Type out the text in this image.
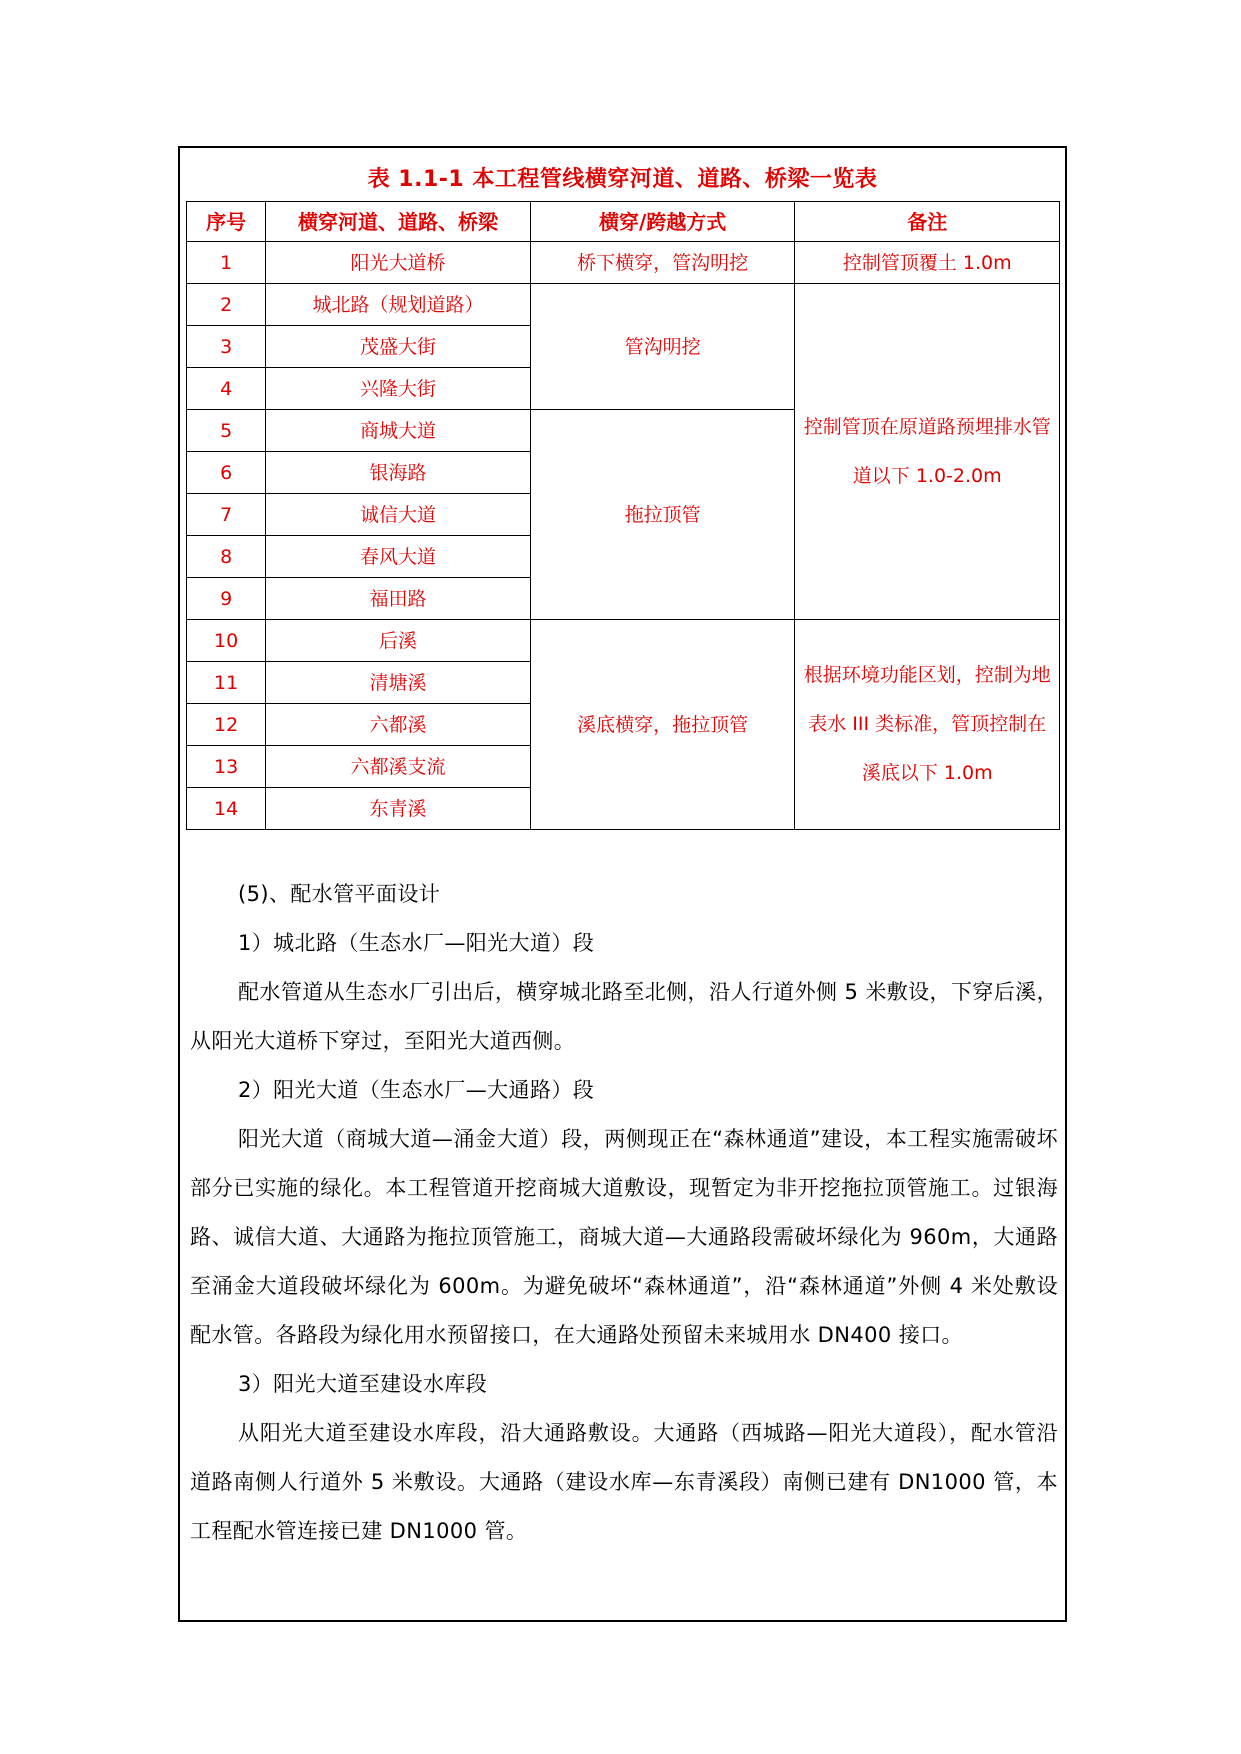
表 1.1-1 本工程管线横穿河道、道路、桥梁一览表
序号	横穿河道、道路、桥梁	横穿/跨越方式	备注
1	阳光大道桥	桥下横穿，管沟明挖	控制管顶覆土 1.0m
2	城北路（规划道路）	管沟明挖	控制管顶在原道路预埋排水管道以下 1.0-2.0m
3	茂盛大街		
4	兴隆大街		
5	商城大道	拖拉顶管	
6	银海路		
7	诚信大道		
8	春风大道		
9	福田路		
10	后溪	溪底横穿，拖拉顶管	根据环境功能区划，控制为地表水 III 类标准，管顶控制在溪底以下 1.0m
11	清塘溪		
12	六都溪		
13	六都溪支流		
14	东青溪		

(5)、配水管平面设计

1）城北路（生态水厂—阳光大道）段

配水管道从生态水厂引出后，横穿城北路至北侧，沿人行道外侧 5 米敷设，下穿后溪，从阳光大道桥下穿过，至阳光大道西侧。

2）阳光大道（生态水厂—大通路）段

阳光大道（商城大道—涌金大道）段，两侧现正在“森林通道”建设，本工程实施需破坏部分已实施的绿化。本工程管道开挖商城大道敷设，现暂定为非开挖拖拉顶管施工。过银海路、诚信大道、大通路为拖拉顶管施工，商城大道—大通路段需破坏绿化为 960m，大通路至涌金大道段破坏绿化为 600m。为避免破坏“森林通道”，沿“森林通道”外侧 4 米处敷设配水管。各路段为绿化用水预留接口，在大通路处预留未来城用水 DN400 接口。

3）阳光大道至建设水库段

从阳光大道至建设水库段，沿大通路敷设。大通路（西城路—阳光大道段），配水管沿道路南侧人行道外 5 米敷设。大通路（建设水库—东青溪段）南侧已建有 DN1000 管，本工程配水管连接已建 DN1000 管。
